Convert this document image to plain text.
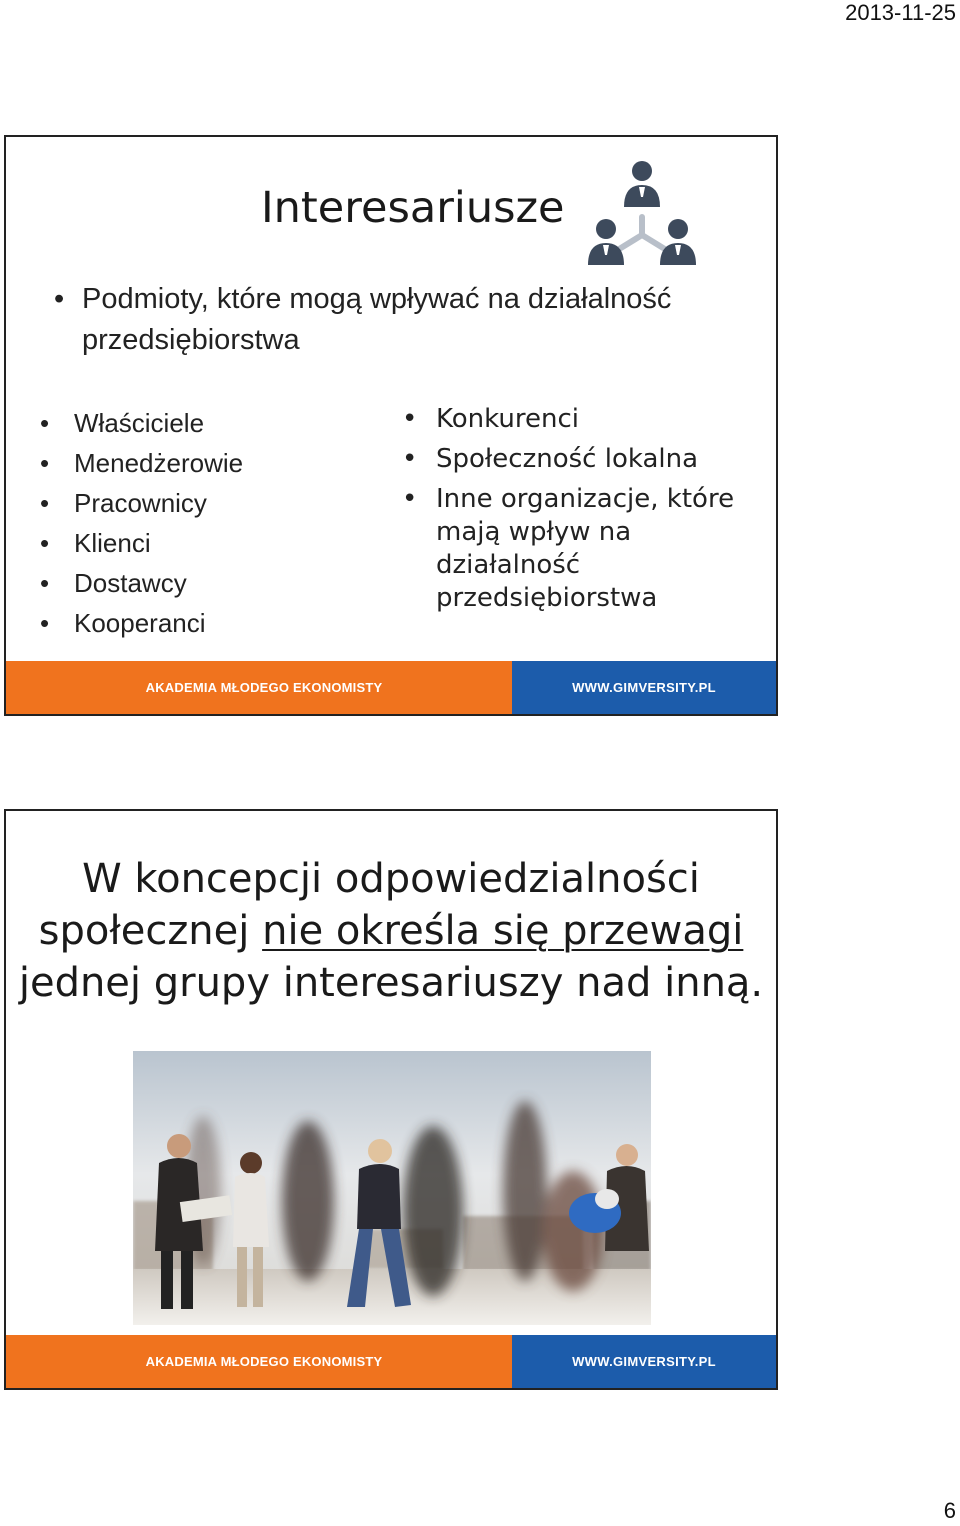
2013-11-25
Interesariusze
• Podmioty, które mogą wpływać na działalność przedsiębiorstwa
• Właściciele
• Menedżerowie
• Pracownicy
• Klienci
• Dostawcy
• Kooperanci
• Konkurenci
• Społeczność lokalna
• Inne organizacje, które mają wpływ na działalność przedsiębiorstwa
AKADEMIA MŁODEGO EKONOMISTY	WWW.GIMVERSITY.PL
W koncepcji odpowiedzialności
społecznej nie określa się przewagi
jednej grupy interesariuszy nad inną.
AKADEMIA MŁODEGO EKONOMISTY	WWW.GIMVERSITY.PL
6
